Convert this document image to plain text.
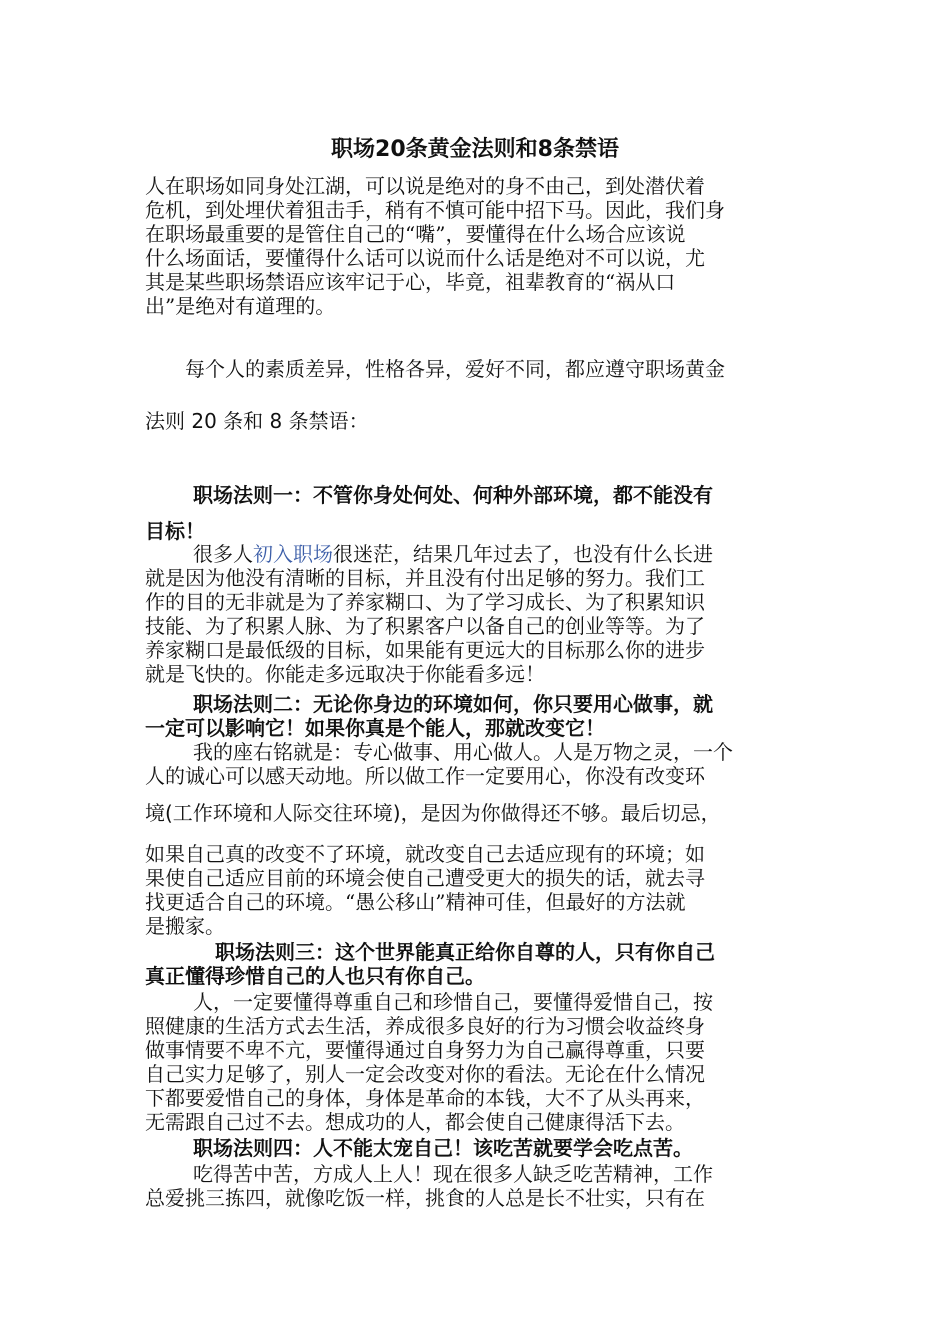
职场20条黄金法则和8条禁语
人在职场如同身处江湖，可以说是绝对的身不由己，到处潜伏着
危机，到处埋伏着狙击手，稍有不慎可能中招下马。因此，我们身
在职场最重要的是管住自己的“嘴”，要懂得在什么场合应该说
什么场面话，要懂得什么话可以说而什么话是绝对不可以说，尤
其是某些职场禁语应该牢记于心，毕竟，祖辈教育的“祸从口
出”是绝对有道理的。
每个人的素质差异，性格各异，爱好不同，都应遵守职场黄金
法则 20 条和 8 条禁语：
职场法则一：不管你身处何处、何种外部环境，都不能没有
目标！
很多人初入职场很迷茫，结果几年过去了，也没有什么长进
就是因为他没有清晰的目标，并且没有付出足够的努力。我们工
作的目的无非就是为了养家糊口、为了学习成长、为了积累知识
技能、为了积累人脉、为了积累客户以备自己的创业等等。为了
养家糊口是最低级的目标，如果能有更远大的目标那么你的进步
就是飞快的。你能走多远取决于你能看多远！
职场法则二：无论你身边的环境如何，你只要用心做事，就
一定可以影响它！如果你真是个能人，那就改变它！
我的座右铭就是：专心做事、用心做人。人是万物之灵，一个
人的诚心可以感天动地。所以做工作一定要用心，你没有改变环
境(工作环境和人际交往环境)，是因为你做得还不够。最后切忌，
如果自己真的改变不了环境，就改变自己去适应现有的环境；如
果使自己适应目前的环境会使自己遭受更大的损失的话，就去寻
找更适合自己的环境。“愚公移山”精神可佳，但最好的方法就
是搬家。
职场法则三：这个世界能真正给你自尊的人，只有你自己
真正懂得珍惜自己的人也只有你自己。
人，一定要懂得尊重自己和珍惜自己，要懂得爱惜自己，按
照健康的生活方式去生活，养成很多良好的行为习惯会收益终身
做事情要不卑不亢，要懂得通过自身努力为自己赢得尊重，只要
自己实力足够了，别人一定会改变对你的看法。无论在什么情况
下都要爱惜自己的身体，身体是革命的本钱，大不了从头再来，
无需跟自己过不去。想成功的人，都会使自己健康得活下去。
职场法则四：人不能太宠自己！该吃苦就要学会吃点苦。
吃得苦中苦，方成人上人！现在很多人缺乏吃苦精神，工作
总爱挑三拣四，就像吃饭一样，挑食的人总是长不壮实，只有在
